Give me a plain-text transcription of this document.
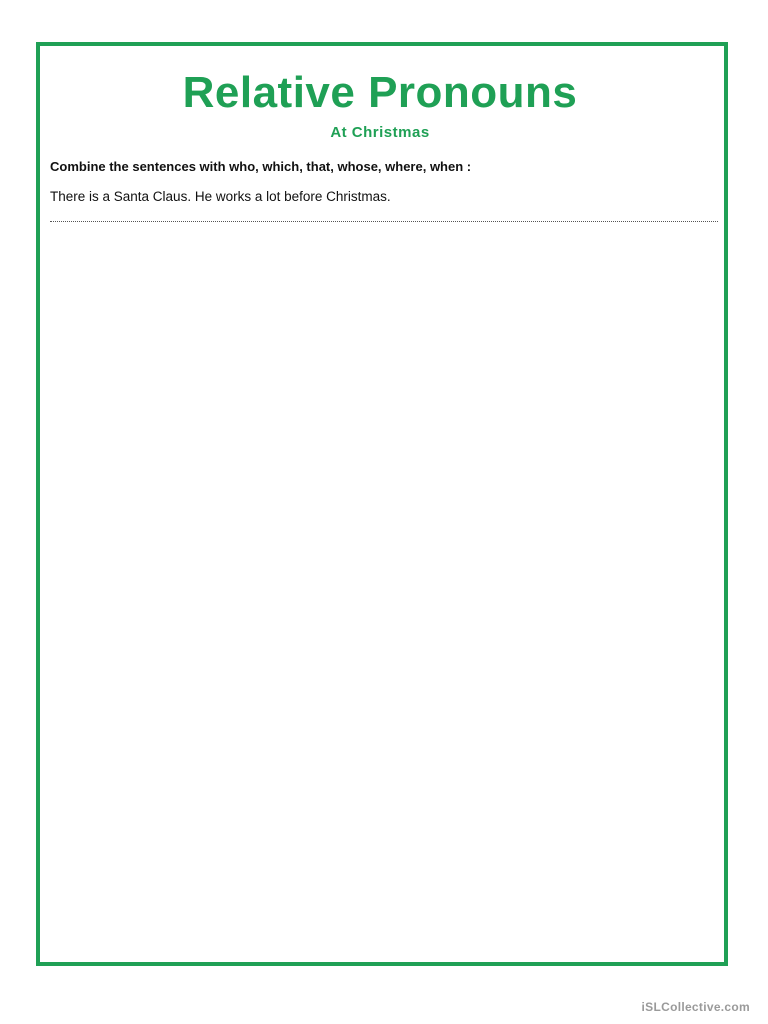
Relative Pronouns
At Christmas
Combine the sentences with who, which, that, whose, where, when :
There is a Santa Claus. He works a lot before Christmas.
iSLCollective.com
